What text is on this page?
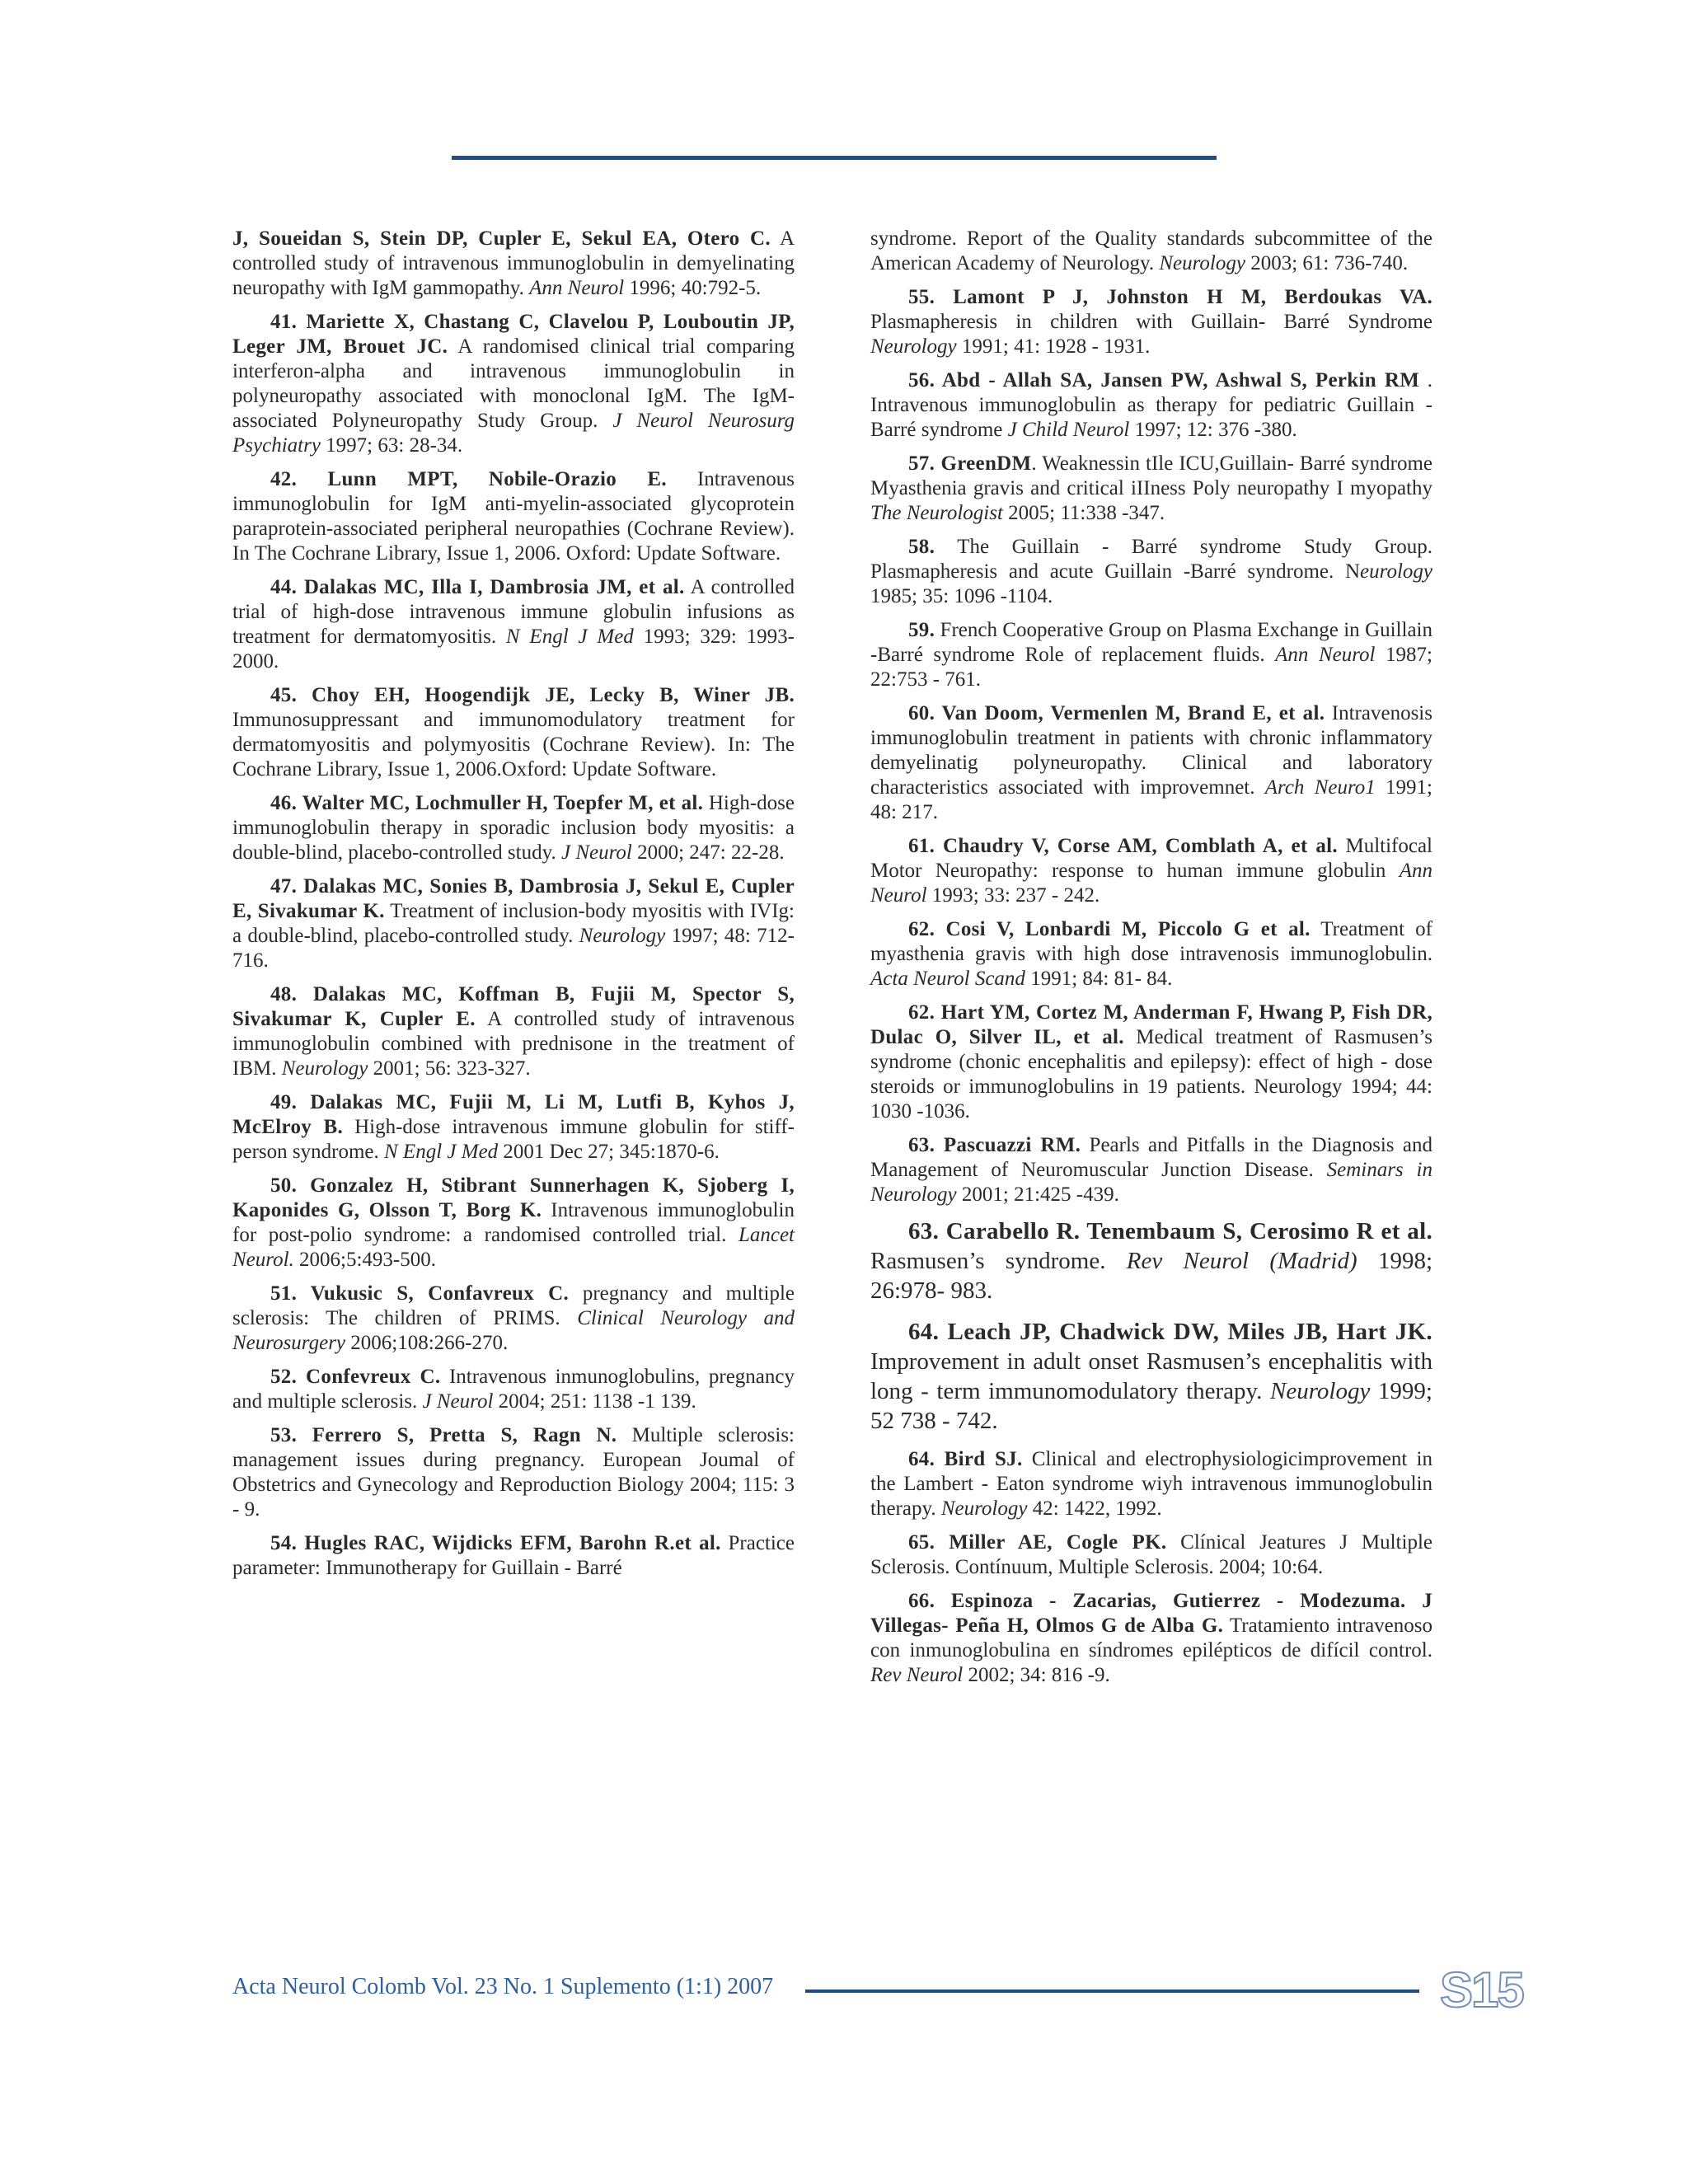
J, Soueidan S, Stein DP, Cupler E, Sekul EA, Otero C. A controlled study of intravenous immunoglobulin in demyelinating neuropathy with IgM gammopathy. Ann Neurol 1996; 40:792-5.

41. Mariette X, Chastang C, Clavelou P, Louboutin JP, Leger JM, Brouet JC. A randomised clinical trial comparing interferon-alpha and intravenous immunoglobulin in polyneuropathy associated with monoclonal IgM. The IgM-associated Polyneuropathy Study Group. J Neurol Neurosurg Psychiatry 1997; 63: 28-34.

42. Lunn MPT, Nobile-Orazio E. Intravenous immunoglobulin for IgM anti-myelin-associated glycoprotein paraprotein-associated peripheral neuropathies (Cochrane Review). In The Cochrane Library, Issue 1, 2006. Oxford: Update Software.

44. Dalakas MC, Illa I, Dambrosia JM, et al. A controlled trial of high-dose intravenous immune globulin infusions as treatment for dermatomyositis. N Engl J Med 1993; 329: 1993-2000.

45. Choy EH, Hoogendijk JE, Lecky B, Winer JB. Immunosuppressant and immunomodulatory treatment for dermatomyositis and polymyositis (Cochrane Review). In: The Cochrane Library, Issue 1, 2006.Oxford: Update Software.

46. Walter MC, Lochmuller H, Toepfer M, et al. High-dose immunoglobulin therapy in sporadic inclusion body myositis: a double-blind, placebo-controlled study. J Neurol 2000; 247: 22-28.

47. Dalakas MC, Sonies B, Dambrosia J, Sekul E, Cupler E, Sivakumar K. Treatment of inclusion-body myositis with IVIg: a double-blind, placebo-controlled study. Neurology 1997; 48: 712-716.

48. Dalakas MC, Koffman B, Fujii M, Spector S, Sivakumar K, Cupler E. A controlled study of intravenous immunoglobulin combined with prednisone in the treatment of IBM. Neurology 2001; 56: 323-327.

49. Dalakas MC, Fujii M, Li M, Lutfi B, Kyhos J, McElroy B. High-dose intravenous immune globulin for stiff-person syndrome. N Engl J Med 2001 Dec 27; 345:1870-6.

50. Gonzalez H, Stibrant Sunnerhagen K, Sjoberg I, Kaponides G, Olsson T, Borg K. Intravenous immunoglobulin for post-polio syndrome: a randomised controlled trial. Lancet Neurol. 2006;5:493-500.

51. Vukusic S, Confavreux C. pregnancy and multiple sclerosis: The children of PRIMS. Clinical Neurology and Neurosurgery 2006;108:266-270.

52. Confevreux C. Intravenous inmunoglobulins, pregnancy and multiple sclerosis. J Neurol 2004; 251: 1138 -1 139.

53. Ferrero S, Pretta S, Ragn N. Multiple sclerosis: management issues during pregnancy. European Joumal of Obstetrics and Gynecology and Reproduction Biology 2004; 115: 3 - 9.

54. Hugles RAC, Wijdicks EFM, Barohn R.et al. Practice parameter: Immunotherapy for Guillain - Barré

syndrome. Report of the Quality standards subcommittee of the American Academy of Neurology. Neurology 2003; 61: 736-740.

55. Lamont P J, Johnston H M, Berdoukas VA. Plasmapheresis in children with Guillain- Barré Syndrome Neurology 1991; 41: 1928 - 1931.

56. Abd - Allah SA, Jansen PW, Ashwal S, Perkin RM . Intravenous immunoglobulin as therapy for pediatric Guillain - Barré syndrome J Child Neurol 1997; 12: 376 -380.

57. GreenDM. Weaknessin tIle ICU,Guillain- Barré syndrome Myasthenia gravis and critical iIIness Poly neuropathy I myopathy The Neurologist 2005; 11:338 -347.

58. The Guillain - Barré syndrome Study Group. Plasmapheresis and acute Guillain -Barré syndrome. Neurology 1985; 35: 1096 -1104.

59. French Cooperative Group on Plasma Exchange in Guillain -Barré syndrome Role of replacement fluids. Ann Neurol 1987; 22:753 - 761.

60. Van Doom, Vermenlen M, Brand E, et al. Intravenosis immunoglobulin treatment in patients with chronic inflammatory demyelinatig polyneuropathy. Clinical and laboratory characteristics associated with improvemnet. Arch Neuro1 1991; 48: 217.

61. Chaudry V, Corse AM, Comblath A, et al. Multifocal Motor Neuropathy: response to human immune globulin Ann Neurol 1993; 33: 237 - 242.

62. Cosi V, Lonbardi M, Piccolo G et al. Treatment of myasthenia gravis with high dose intravenosis immunoglobulin. Acta Neurol Scand 1991; 84: 81- 84.

62. Hart YM, Cortez M, Anderman F, Hwang P, Fish DR, Dulac O, Silver IL, et al. Medical treatment of Rasmusen’s syndrome (chonic encephalitis and epilepsy): effect of high - dose steroids or immunoglobulins in 19 patients. Neurology 1994; 44: 1030 -1036.

63. Pascuazzi RM. Pearls and Pitfalls in the Diagnosis and Management of Neuromuscular Junction Disease. Seminars in Neurology 2001; 21:425 -439.

63. Carabello R. Tenembaum S, Cerosimo R et al. Rasmusen’s syndrome. Rev Neurol (Madrid) 1998; 26:978- 983.

64. Leach JP, Chadwick DW, Miles JB, Hart JK. Improvement in adult onset Rasmusen’s encephalitis with long - term immunomodulatory therapy. Neurology 1999; 52 738 - 742.

64. Bird SJ. Clinical and electrophysiologicimprovement in the Lambert - Eaton syndrome wiyh intravenous immunoglobulin therapy. Neurology 42: 1422, 1992.

65. Miller AE, Cogle PK. Clínical Jeatures J Multiple Sclerosis. Contínuum, Multiple Sclerosis. 2004; 10:64.

66. Espinoza - Zacarias, Gutierrez - Modezuma. J Villegas- Peña H, Olmos G de Alba G. Tratamiento intravenoso con inmunoglobulina en síndromes epilépticos de difícil control. Rev Neurol 2002; 34: 816 -9.

Acta Neurol Colomb Vol. 23 No. 1 Suplemento (1:1) 2007	S15
